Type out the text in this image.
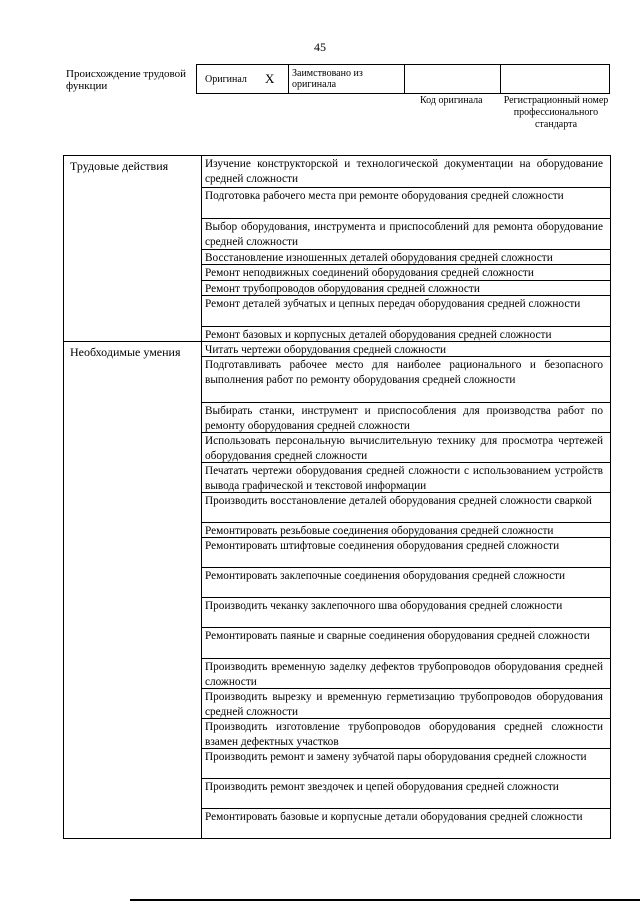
45
Происхождение трудовой функции
Оригинал X Заимствовано из оригинала
Код оригинала	Регистрационный номер профессионального стандарта
Трудовые действия	Изучение конструкторской и технологической документации на оборудование средней сложности
Подготовка рабочего места при ремонте оборудования средней сложности
Выбор оборудования, инструмента и приспособлений для ремонта оборудование средней сложности
Восстановление изношенных деталей оборудования средней сложности
Ремонт неподвижных соединений оборудования средней сложности
Ремонт трубопроводов оборудования средней сложности
Ремонт деталей зубчатых и цепных передач оборудования средней сложности
Ремонт базовых и корпусных деталей оборудования средней сложности
Необходимые умения Читать чертежи оборудования средней сложности
Подготавливать рабочее место для наиболее рационального и безопасного выполнения работ по ремонту оборудования средней сложности
Выбирать станки, инструмент и приспособления для производства работ по ремонту оборудования средней сложности
Использовать персональную вычислительную технику для просмотра чертежей оборудования средней сложности
Печатать чертежи оборудования средней сложности с использованием устройств вывода графической и текстовой информации
Производить восстановление деталей оборудования средней сложности сваркой
Ремонтировать резьбовые соединения оборудования средней сложности
Ремонтировать штифтовые соединения оборудования средней сложности
Ремонтировать заклепочные соединения оборудования средней сложности
Производить чеканку заклепочного шва оборудования средней сложности
Ремонтировать паяные и сварные соединения оборудования средней сложности
Производить временную заделку дефектов трубопроводов оборудования средней сложности
Производить вырезку и временную герметизацию трубопроводов оборудования средней сложности
Производить изготовление трубопроводов оборудования средней сложности взамен дефектных участков
Производить ремонт и замену зубчатой пары оборудования средней сложности
Производить ремонт звездочек и цепей оборудования средней сложности
Ремонтировать базовые и корпусные детали оборудования средней сложности
